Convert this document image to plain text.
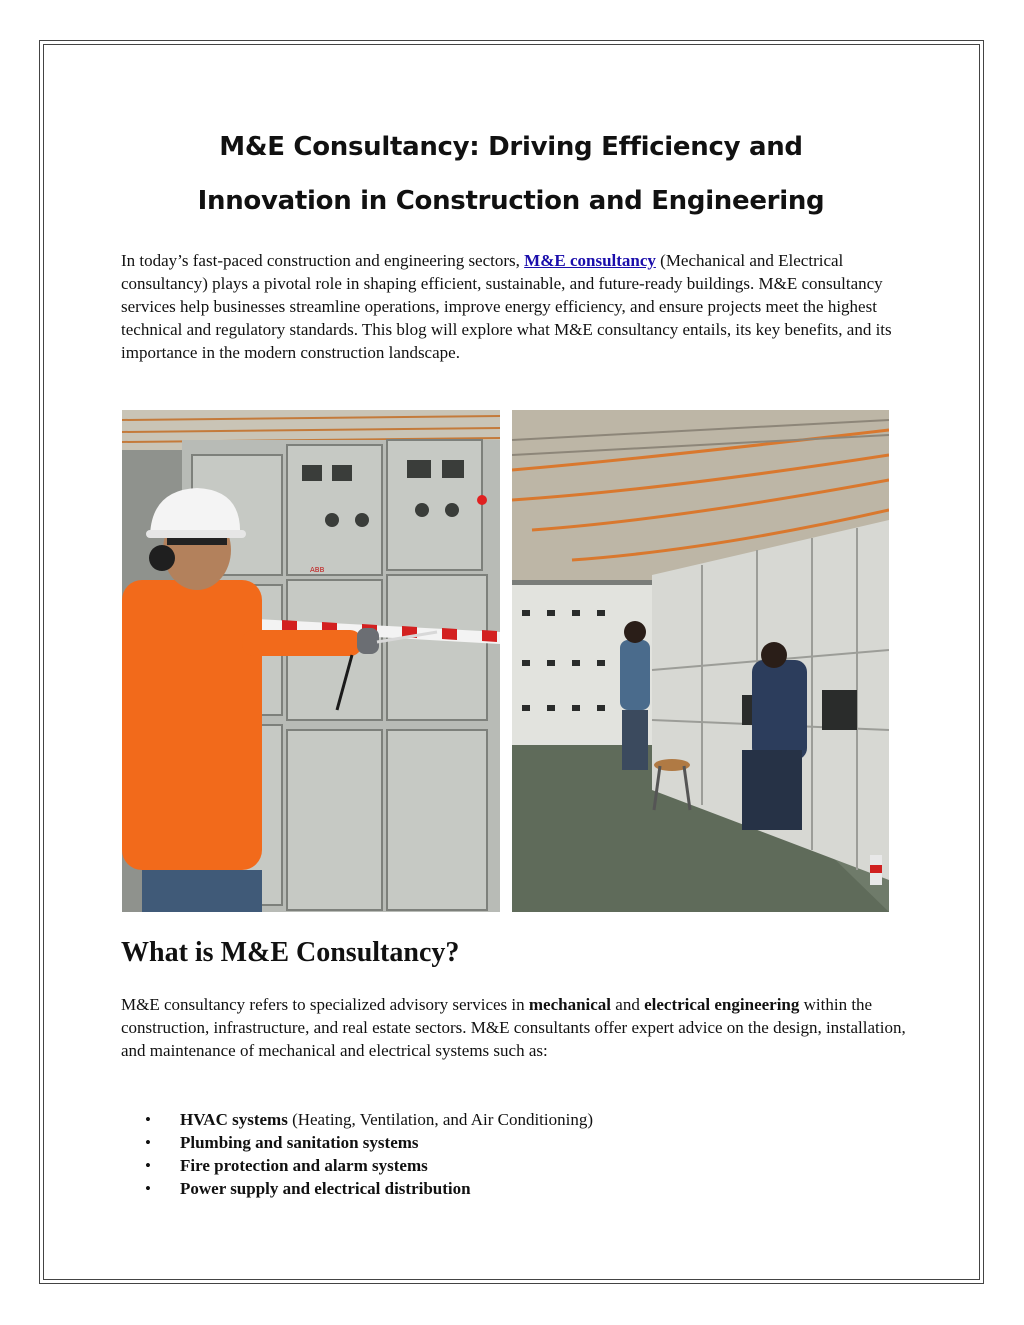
M&E Consultancy: Driving Efficiency and
Innovation in Construction and Engineering

In today’s fast-paced construction and engineering sectors, M&E consultancy (Mechanical and Electrical consultancy) plays a pivotal role in shaping efficient, sustainable, and future-ready buildings. M&E consultancy services help businesses streamline operations, improve energy efficiency, and ensure projects meet the highest technical and regulatory standards. This blog will explore what M&E consultancy entails, its key benefits, and its importance in the modern construction landscape.

ABB
What is M&E Consultancy?

M&E consultancy refers to specialized advisory services in mechanical and electrical engineering within the construction, infrastructure, and real estate sectors. M&E consultants offer expert advice on the design, installation, and maintenance of mechanical and electrical systems such as:

• HVAC systems (Heating, Ventilation, and Air Conditioning)
• Plumbing and sanitation systems
• Fire protection and alarm systems
• Power supply and electrical distribution
